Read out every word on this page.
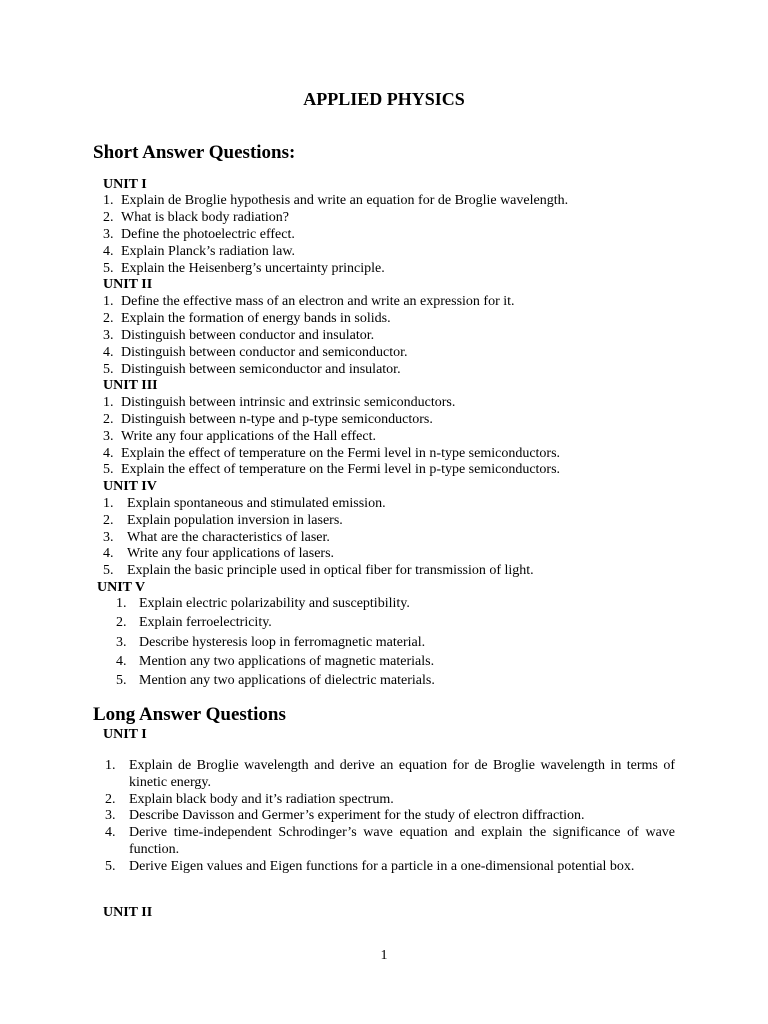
APPLIED PHYSICS
Short Answer Questions:
UNIT I
1. Explain de Broglie hypothesis and write an equation for de Broglie wavelength.
2. What is black body radiation?
3. Define the photoelectric effect.
4. Explain Planck’s radiation law.
5. Explain the Heisenberg’s uncertainty principle.
UNIT II
1. Define the effective mass of an electron and write an expression for it.
2. Explain the formation of energy bands in solids.
3. Distinguish between conductor and insulator.
4. Distinguish between conductor and semiconductor.
5. Distinguish between semiconductor and insulator.
UNIT III
1. Distinguish between intrinsic and extrinsic semiconductors.
2. Distinguish between n-type and p-type semiconductors.
3. Write any four applications of the Hall effect.
4. Explain the effect of temperature on the Fermi level in n-type semiconductors.
5. Explain the effect of temperature on the Fermi level in p-type semiconductors.
UNIT IV
1. Explain spontaneous and stimulated emission.
2. Explain population inversion in lasers.
3. What are the characteristics of laser.
4. Write any four applications of lasers.
5. Explain the basic principle used in optical fiber for transmission of light.
UNIT V
1. Explain electric polarizability and susceptibility.
2. Explain ferroelectricity.
3. Describe hysteresis loop in ferromagnetic material.
4. Mention any two applications of magnetic materials.
5. Mention any two applications of dielectric materials.
Long Answer Questions
UNIT I
1. Explain de Broglie wavelength and derive an equation for de Broglie wavelength in terms of kinetic energy.
2. Explain black body and it’s radiation spectrum.
3. Describe Davisson and Germer’s experiment for the study of electron diffraction.
4. Derive time-independent Schrodinger’s wave equation and explain the significance of wave function.
5. Derive Eigen values and Eigen functions for a particle in a one-dimensional potential box.
UNIT II
1
